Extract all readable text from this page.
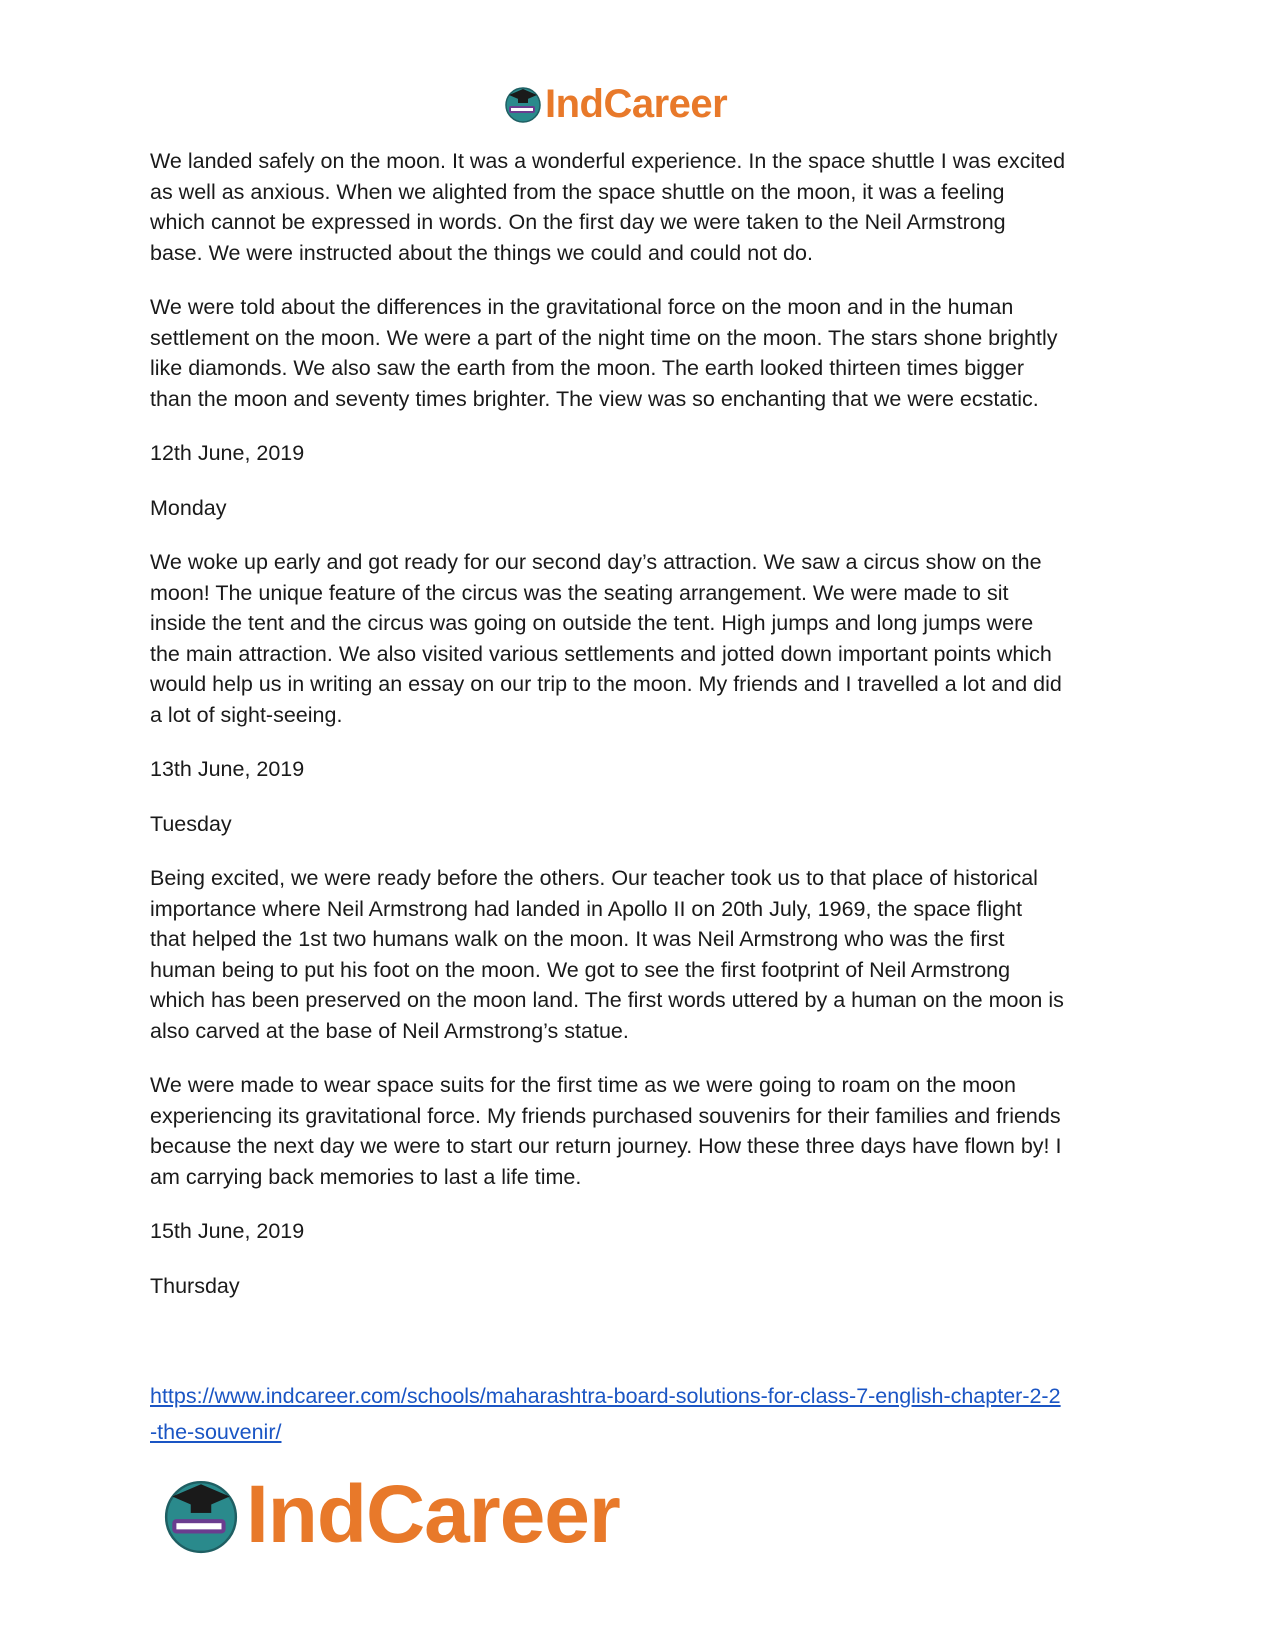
IndCareer

We landed safely on the moon. It was a wonderful experience. In the space shuttle I was excited
as well as anxious. When we alighted from the space shuttle on the moon, it was a feeling
which cannot be expressed in words. On the first day we were taken to the Neil Armstrong
base. We were instructed about the things we could and could not do.

We were told about the differences in the gravitational force on the moon and in the human
settlement on the moon. We were a part of the night time on the moon. The stars shone brightly
like diamonds. We also saw the earth from the moon. The earth looked thirteen times bigger
than the moon and seventy times brighter. The view was so enchanting that we were ecstatic.

12th June, 2019

Monday

We woke up early and got ready for our second day’s attraction. We saw a circus show on the
moon! The unique feature of the circus was the seating arrangement. We were made to sit
inside the tent and the circus was going on outside the tent. High jumps and long jumps were
the main attraction. We also visited various settlements and jotted down important points which
would help us in writing an essay on our trip to the moon. My friends and I travelled a lot and did
a lot of sight-seeing.

13th June, 2019

Tuesday

Being excited, we were ready before the others. Our teacher took us to that place of historical
importance where Neil Armstrong had landed in Apollo II on 20th July, 1969, the space flight
that helped the 1st two humans walk on the moon. It was Neil Armstrong who was the first
human being to put his foot on the moon. We got to see the first footprint of Neil Armstrong
which has been preserved on the moon land. The first words uttered by a human on the moon is
also carved at the base of Neil Armstrong’s statue.

We were made to wear space suits for the first time as we were going to roam on the moon
experiencing its gravitational force. My friends purchased souvenirs for their families and friends
because the next day we were to start our return journey. How these three days have flown by! I
am carrying back memories to last a life time.

15th June, 2019

Thursday

https://www.indcareer.com/schools/maharashtra-board-solutions-for-class-7-english-chapter-2-2
-the-souvenir/
IndCareer
